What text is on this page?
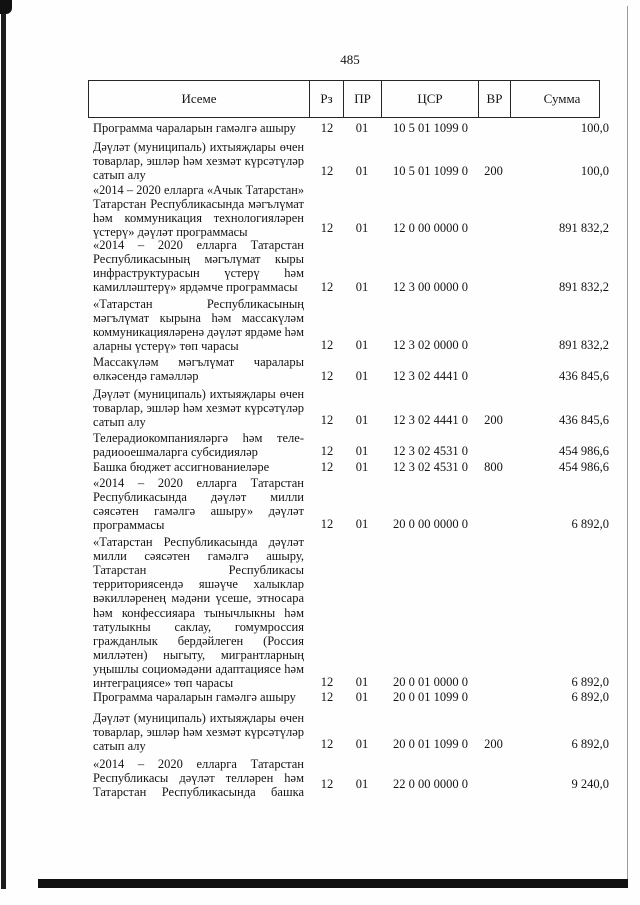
485
Исеме	Рз	ПР	ЦСР	ВР	Сумма
Программа чараларын гамәлгә ашыру	12	01	10 5 01 1099 0	100,0
Дәүләт (муниципаль) ихтыяҗлары өчен
товарлар, эшләр һәм хезмәт күрсәтүләр
сатып алу	12	01	10 5 01 1099 0	200	100,0
«2014 – 2020 елларга «Ачык Татарстан»
Татарстан Республикасында мәгълүмат
һәм коммуникация технологияләрен
үстерү» дәүләт программасы	12	01	12 0 00 0000 0	891 832,2
«2014 – 2020 елларга Татарстан
Республикасының мәгълүмат кыры
инфраструктурасын үстерү һәм
камилләштерү» ярдәмче программасы	12	01	12 3 00 0000 0	891 832,2
«Татарстан Республикасының
мәгълүмат кырына һәм массакүләм
коммуникацияләренә дәүләт ярдәме һәм
аларны үстерү» төп чарасы	12	01	12 3 02 0000 0	891 832,2
Массакүләм мәгълүмат чаралары
өлкәсендә гамәлләр	12	01	12 3 02 4441 0	436 845,6
Дәүләт (муниципаль) ихтыяҗлары өчен
товарлар, эшләр һәм хезмәт күрсәтүләр
сатып алу	12	01	12 3 02 4441 0	200	436 845,6
Телерадиокомпанияләргә һәм теле-
радиооешмаларга субсидияләр	12	01	12 3 02 4531 0	454 986,6
Башка бюджет ассигнованиеләре	12	01	12 3 02 4531 0	800	454 986,6
«2014 – 2020 елларга Татарстан
Республикасында дәүләт милли
сәясәтен гамәлгә ашыру» дәүләт
программасы	12	01	20 0 00 0000 0	6 892,0
«Татарстан Республикасында дәүләт
милли сәясәтен гамәлгә ашыру,
Татарстан Республикасы
территориясендә яшәүче халыклар
вәкилләренең мәдәни үсеше, этносара
һәм конфессияара тынычлыкны һәм
татулыкны саклау, гомумроссия
гражданлык бердәйлеген (Россия
милләтен) ныгыту, мигрантларның
уңышлы социомәдәни адаптациясе һәм
интеграциясе» төп чарасы	12	01	20 0 01 0000 0	6 892,0
Программа чараларын гамәлгә ашыру	12	01	20 0 01 1099 0	6 892,0
Дәүләт (муниципаль) ихтыяҗлары өчен
товарлар, эшләр һәм хезмәт күрсәтүләр
сатып алу	12	01	20 0 01 1099 0	200	6 892,0
«2014 – 2020 елларга Татарстан
Республикасы дәүләт телләрен һәм
Татарстан Республикасында башка
12	01	22 0 00 0000 0	9 240,0
